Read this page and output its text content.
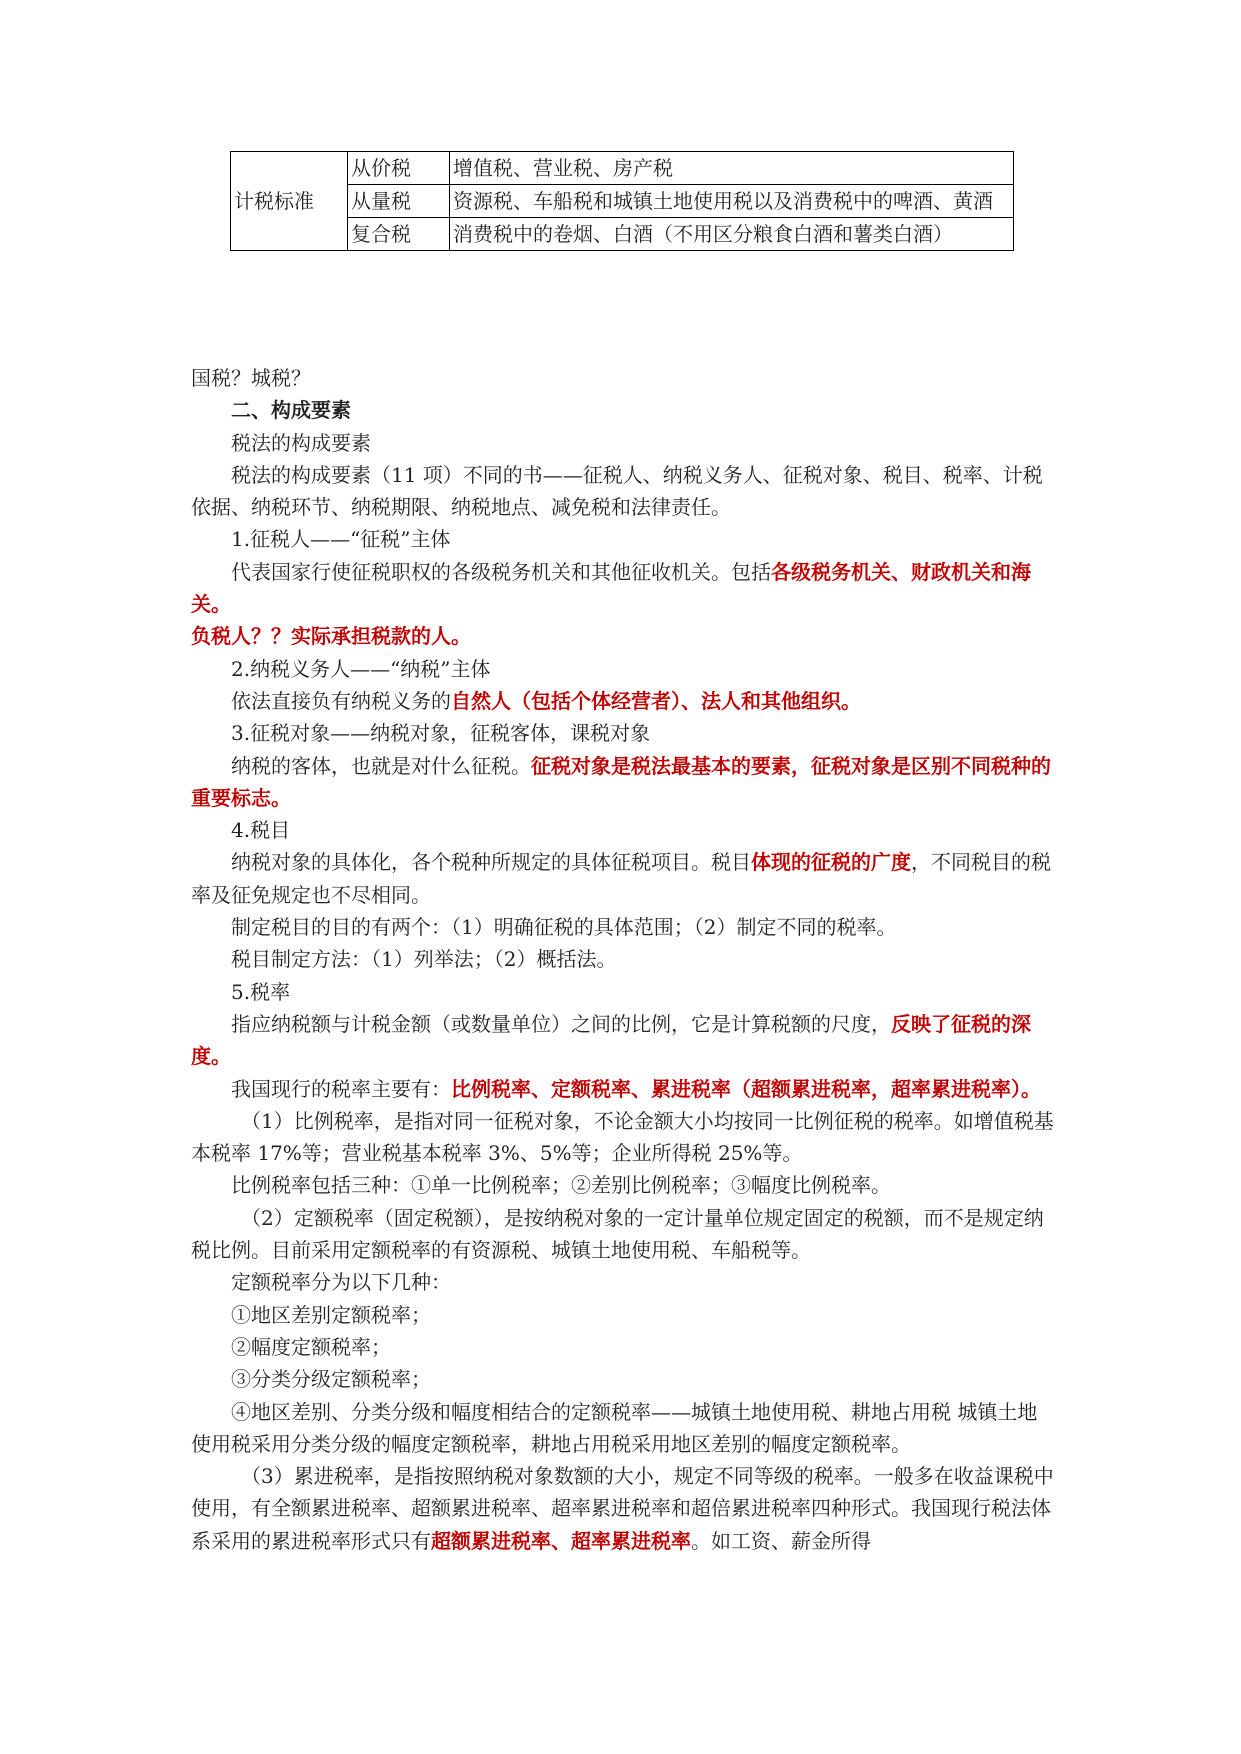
计税标准	从价税	增值税、营业税、房产税
	从量税	资源税、车船税和城镇土地使用税以及消费税中的啤酒、黄酒
	复合税	消费税中的卷烟、白酒（不用区分粮食白酒和薯类白酒）

国税？城税？

二、构成要素

税法的构成要素

税法的构成要素（11 项）不同的书——征税人、纳税义务人、征税对象、税目、税率、计税依据、纳税环节、纳税期限、纳税地点、减免税和法律责任。

1.征税人——“征税”主体

代表国家行使征税职权的各级税务机关和其他征收机关。包括各级税务机关、财政机关和海关。

负税人？？实际承担税款的人。

2.纳税义务人——“纳税”主体

依法直接负有纳税义务的自然人（包括个体经营者）、法人和其他组织。

3.征税对象——纳税对象，征税客体，课税对象

纳税的客体，也就是对什么征税。征税对象是税法最基本的要素，征税对象是区别不同税种的重要标志。

4.税目

纳税对象的具体化，各个税种所规定的具体征税项目。税目体现的征税的广度，不同税目的税率及征免规定也不尽相同。

制定税目的目的有两个：（1）明确征税的具体范围；（2）制定不同的税率。

税目制定方法：（1）列举法；（2）概括法。

5.税率

指应纳税额与计税金额（或数量单位）之间的比例，它是计算税额的尺度，反映了征税的深度。

我国现行的税率主要有：比例税率、定额税率、累进税率（超额累进税率，超率累进税率）。

（1）比例税率，是指对同一征税对象，不论金额大小均按同一比例征税的税率。如增值税基本税率 17%等；营业税基本税率 3%、5%等；企业所得税 25%等。

比例税率包括三种：①单一比例税率；②差别比例税率；③幅度比例税率。

（2）定额税率（固定税额），是按纳税对象的一定计量单位规定固定的税额，而不是规定纳税比例。目前采用定额税率的有资源税、城镇土地使用税、车船税等。

定额税率分为以下几种：

①地区差别定额税率；

②幅度定额税率；

③分类分级定额税率；

④地区差别、分类分级和幅度相结合的定额税率——城镇土地使用税、耕地占用税 城镇土地使用税采用分类分级的幅度定额税率，耕地占用税采用地区差别的幅度定额税率。

（3）累进税率，是指按照纳税对象数额的大小，规定不同等级的税率。一般多在收益课税中使用，有全额累进税率、超额累进税率、超率累进税率和超倍累进税率四种形式。我国现行税法体系采用的累进税率形式只有超额累进税率、超率累进税率。如工资、薪金所得
